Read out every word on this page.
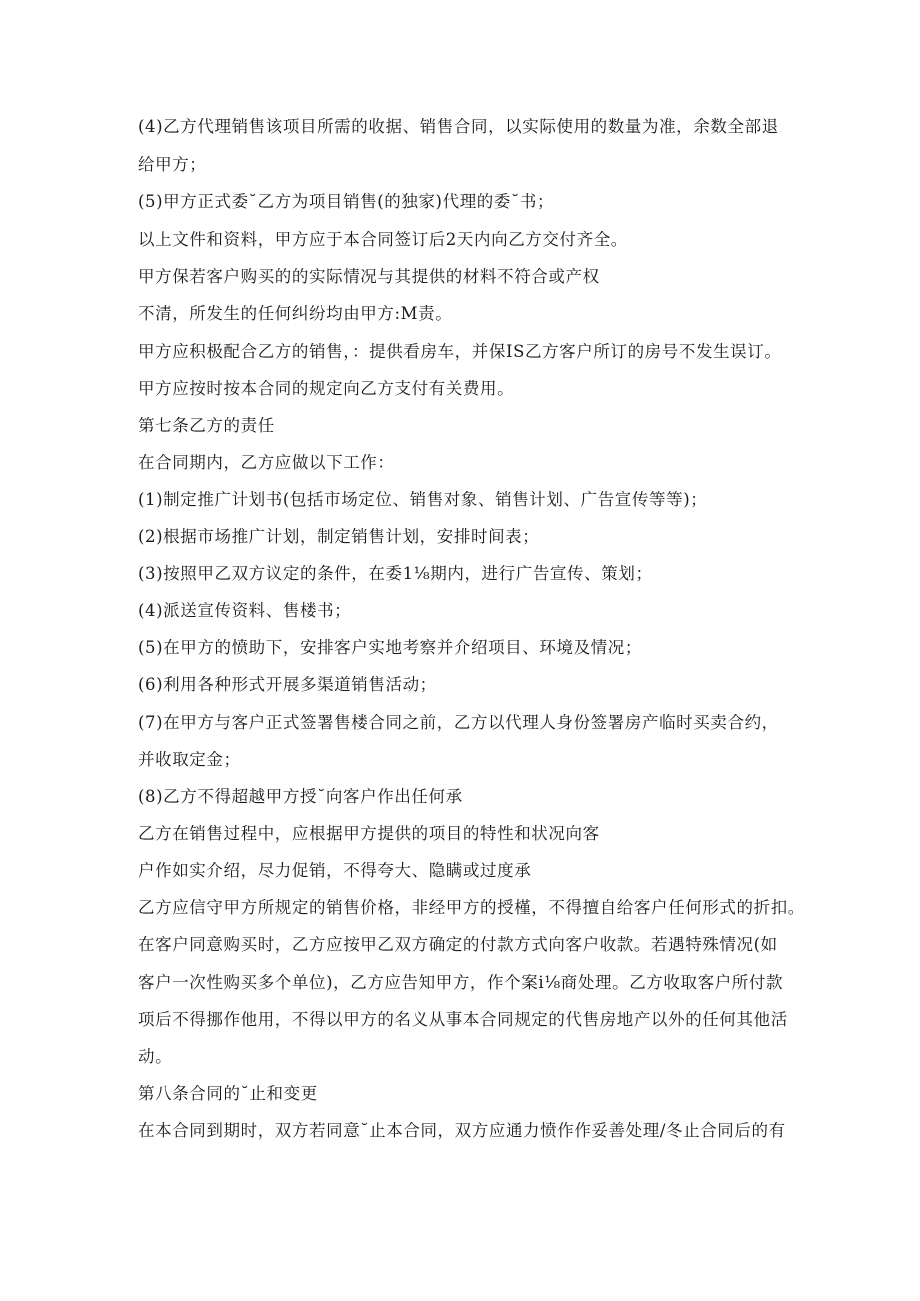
(4)乙方代理销售该项目所需的收据、销售合同，以实际使用的数量为准，余数全部退
给甲方；
(5)甲方正式委˘乙方为项目销售(的独家)代理的委˘书；
以上文件和资料，甲方应于本合同签订后2天内向乙方交付齐全。
甲方保若客户购买的的实际情况与其提供的材料不符合或产权
不清，所发生的任何纠纷均由甲方:M责。
甲方应积极配合乙方的销售，：提供看房车，并保IS乙方客户所订的房号不发生误订。
甲方应按时按本合同的规定向乙方支付有关费用。
第七条乙方的责任
在合同期内，乙方应做以下工作：
(1)制定推广计划书(包括市场定位、销售对象、销售计划、广告宣传等等)；
(2)根据市场推广计划，制定销售计划，安排时间表；
(3)按照甲乙双方议定的条件，在委1⅛期内，进行广告宣传、策划；
(4)派送宣传资料、售楼书；
(5)在甲方的愤助下，安排客户实地考察并介绍项目、环境及情况；
(6)利用各种形式开展多渠道销售活动；
(7)在甲方与客户正式签署售楼合同之前，乙方以代理人身份签署房产临时买卖合约，
并收取定金；
(8)乙方不得超越甲方授˘向客户作出任何承
乙方在销售过程中，应根据甲方提供的项目的特性和状况向客
户作如实介绍，尽力促销，不得夸大、隐瞒或过度承
乙方应信守甲方所规定的销售价格，非经甲方的授槿，不得擅自给客户任何形式的折扣。
在客户同意购买时，乙方应按甲乙双方确定的付款方式向客户收款。若遇特殊情况(如
客户一次性购买多个单位)，乙方应告知甲方，作个案i⅛商处理。乙方收取客户所付款
项后不得挪作他用，不得以甲方的名义从事本合同规定的代售房地产以外的任何其他活
动。
第八条合同的˘止和变更
在本合同到期时，双方若同意˘止本合同，双方应通力愤作作妥善处理/冬止合同后的有
